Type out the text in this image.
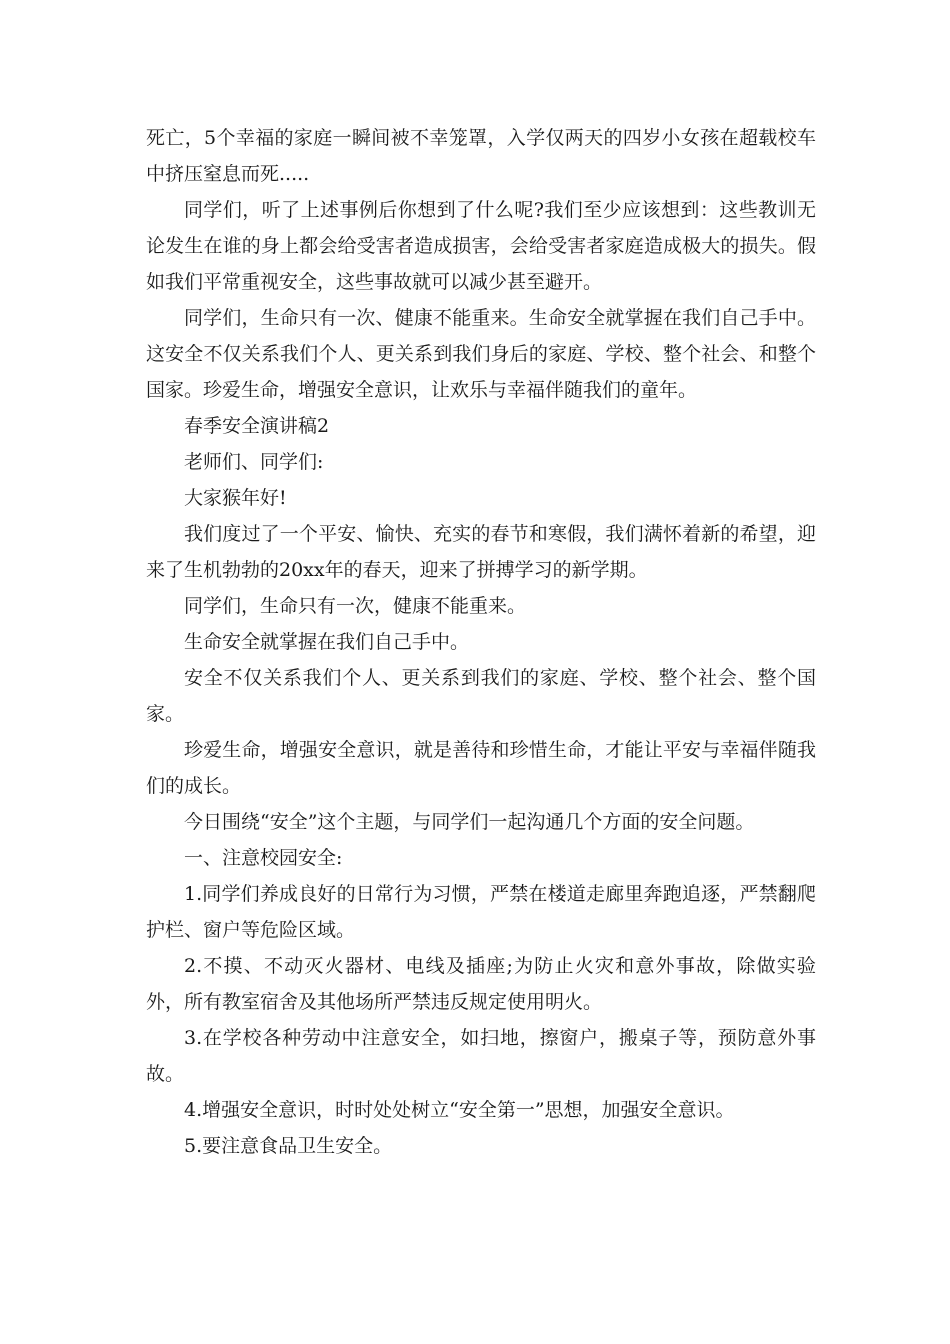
死亡，5个幸福的家庭一瞬间被不幸笼罩，入学仅两天的四岁小女孩在超载校车中挤压窒息而死.....

同学们，听了上述事例后你想到了什么呢?我们至少应该想到：这些教训无论发生在谁的身上都会给受害者造成损害，会给受害者家庭造成极大的损失。假如我们平常重视安全，这些事故就可以减少甚至避开。

同学们，生命只有一次、健康不能重来。生命安全就掌握在我们自己手中。这安全不仅关系我们个人、更关系到我们身后的家庭、学校、整个社会、和整个国家。珍爱生命，增强安全意识，让欢乐与幸福伴随我们的童年。

春季安全演讲稿2

老师们、同学们:

大家猴年好!

我们度过了一个平安、愉快、充实的春节和寒假，我们满怀着新的希望，迎来了生机勃勃的20xx年的春天，迎来了拼搏学习的新学期。

同学们，生命只有一次，健康不能重来。

生命安全就掌握在我们自己手中。

安全不仅关系我们个人、更关系到我们的家庭、学校、整个社会、整个国家。

珍爱生命，增强安全意识，就是善待和珍惜生命，才能让平安与幸福伴随我们的成长。

今日围绕“安全”这个主题，与同学们一起沟通几个方面的安全问题。

一、注意校园安全:

1.同学们养成良好的日常行为习惯，严禁在楼道走廊里奔跑追逐，严禁翻爬护栏、窗户等危险区域。

2.不摸、不动灭火器材、电线及插座;为防止火灾和意外事故，除做实验外，所有教室宿舍及其他场所严禁违反规定使用明火。

3.在学校各种劳动中注意安全，如扫地，擦窗户，搬桌子等，预防意外事故。

4.增强安全意识，时时处处树立“安全第一”思想，加强安全意识。

5.要注意食品卫生安全。
